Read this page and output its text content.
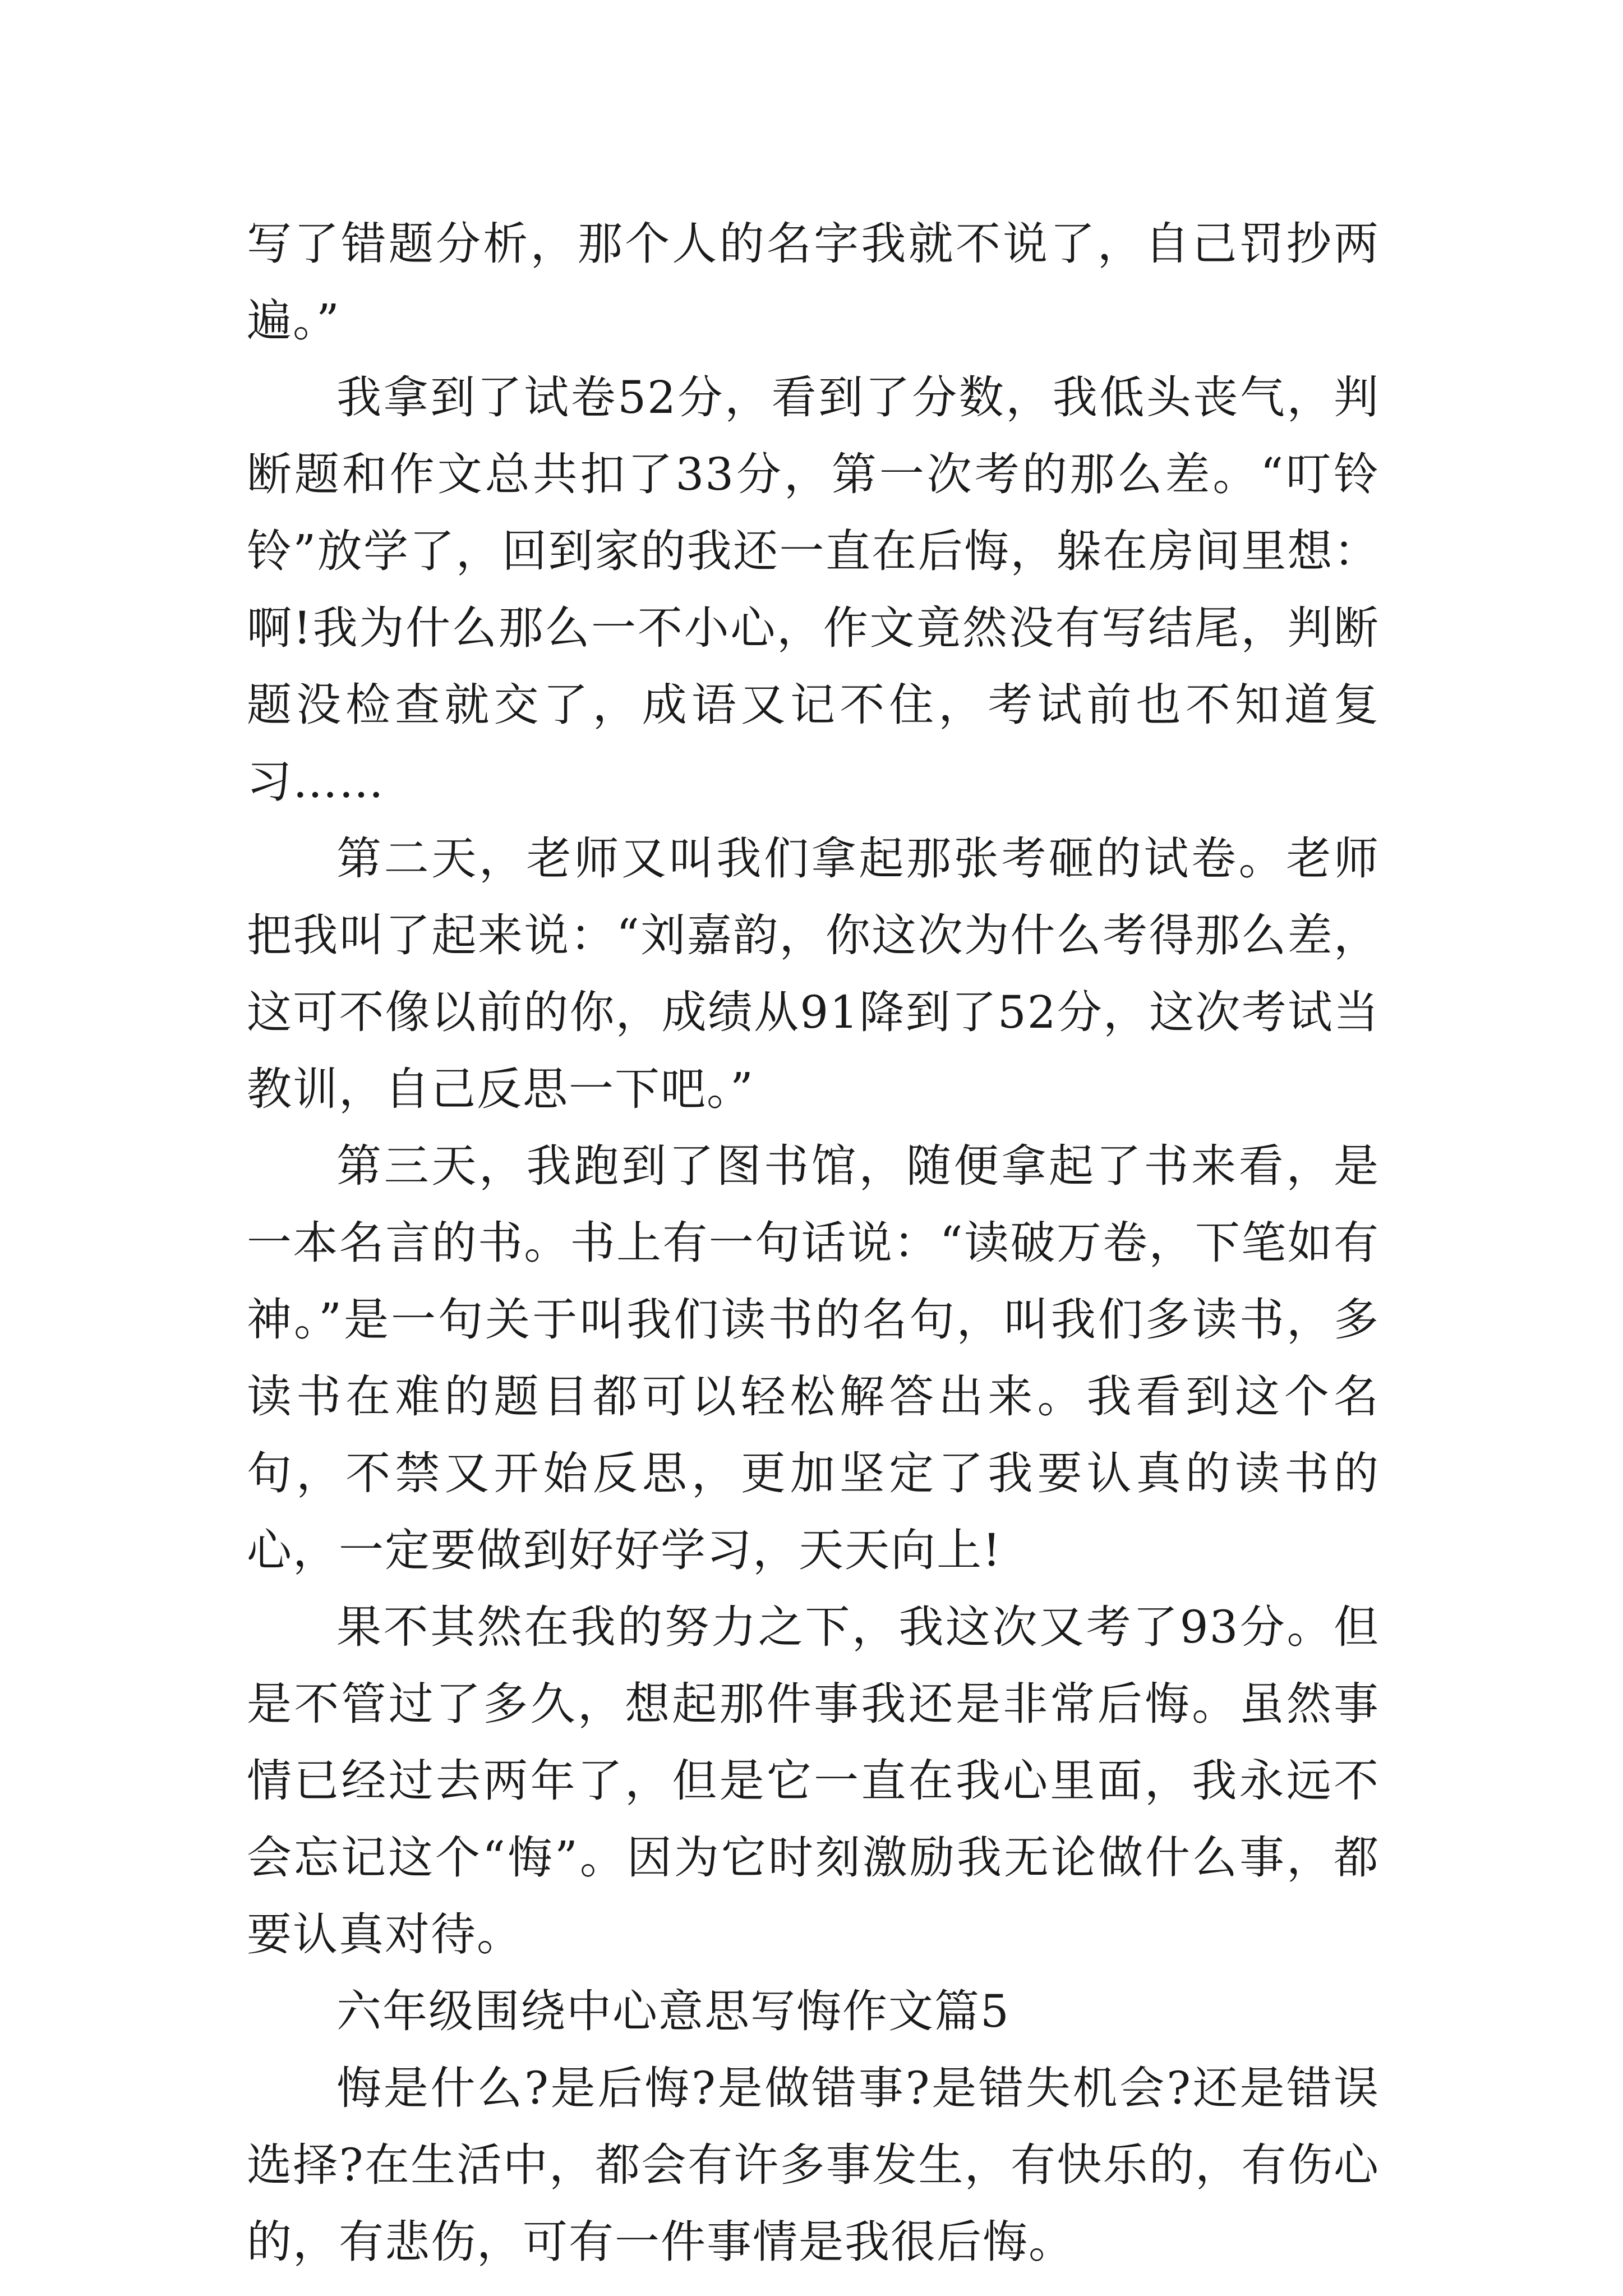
写了错题分析，那个人的名字我就不说了，自己罚抄两遍。”

我拿到了试卷52分，看到了分数，我低头丧气，判断题和作文总共扣了33分，第一次考的那么差。“叮铃铃”放学了，回到家的我还一直在后悔，躲在房间里想：啊!我为什么那么一不小心，作文竟然没有写结尾，判断题没检查就交了，成语又记不住，考试前也不知道复习……

第二天，老师又叫我们拿起那张考砸的试卷。老师把我叫了起来说：“刘嘉韵，你这次为什么考得那么差，这可不像以前的你，成绩从91降到了52分，这次考试当教训，自己反思一下吧。”

第三天，我跑到了图书馆，随便拿起了书来看，是一本名言的书。书上有一句话说：“读破万卷，下笔如有神。”是一句关于叫我们读书的名句，叫我们多读书，多读书在难的题目都可以轻松解答出来。我看到这个名句，不禁又开始反思，更加坚定了我要认真的读书的心，一定要做到好好学习，天天向上!

果不其然在我的努力之下，我这次又考了93分。但是不管过了多久，想起那件事我还是非常后悔。虽然事情已经过去两年了，但是它一直在我心里面，我永远不会忘记这个“悔”。因为它时刻激励我无论做什么事，都要认真对待。

六年级围绕中心意思写悔作文篇5

悔是什么?是后悔?是做错事?是错失机会?还是错误选择?在生活中，都会有许多事发生，有快乐的，有伤心的，有悲伤，可有一件事情是我很后悔。
